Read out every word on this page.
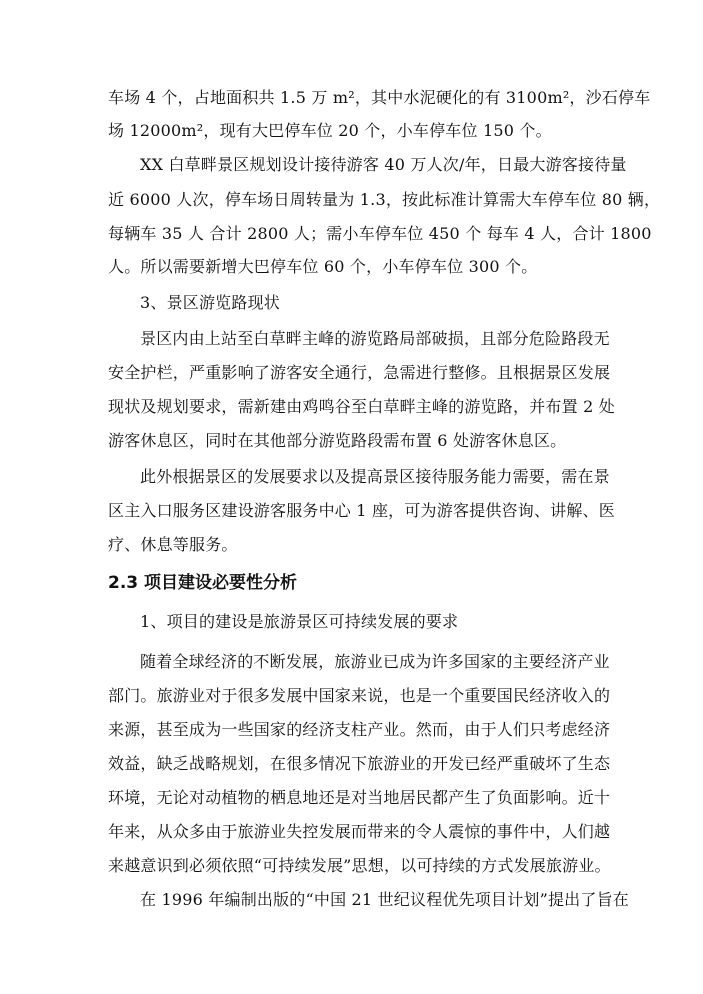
车场 4 个，占地面积共 1.5 万 m²，其中水泥硬化的有 3100m²，沙石停车
场 12000m²，现有大巴停车位 20 个，小车停车位 150 个。
XX 白草畔景区规划设计接待游客 40 万人次/年，日最大游客接待量
近 6000 人次，停车场日周转量为 1.3，按此标准计算需大车停车位 80 辆，
每辆车 35 人 合计 2800 人；需小车停车位 450 个 每车 4 人，合计 1800
人。所以需要新增大巴停车位 60 个，小车停车位 300 个。
3、景区游览路现状
景区内由上站至白草畔主峰的游览路局部破损，且部分危险路段无
安全护栏，严重影响了游客安全通行，急需进行整修。且根据景区发展
现状及规划要求，需新建由鸡鸣谷至白草畔主峰的游览路，并布置 2 处
游客休息区，同时在其他部分游览路段需布置 6 处游客休息区。
此外根据景区的发展要求以及提高景区接待服务能力需要，需在景
区主入口服务区建设游客服务中心 1 座，可为游客提供咨询、讲解、医
疗、休息等服务。
2.3 项目建设必要性分析
1、项目的建设是旅游景区可持续发展的要求
随着全球经济的不断发展，旅游业已成为许多国家的主要经济产业
部门。旅游业对于很多发展中国家来说，也是一个重要国民经济收入的
来源，甚至成为一些国家的经济支柱产业。然而，由于人们只考虑经济
效益，缺乏战略规划，在很多情况下旅游业的开发已经严重破坏了生态
环境，无论对动植物的栖息地还是对当地居民都产生了负面影响。近十
年来，从众多由于旅游业失控发展而带来的令人震惊的事件中，人们越
来越意识到必须依照“可持续发展”思想，以可持续的方式发展旅游业。
在 1996 年编制出版的“中国 21 世纪议程优先项目计划”提出了旨在
